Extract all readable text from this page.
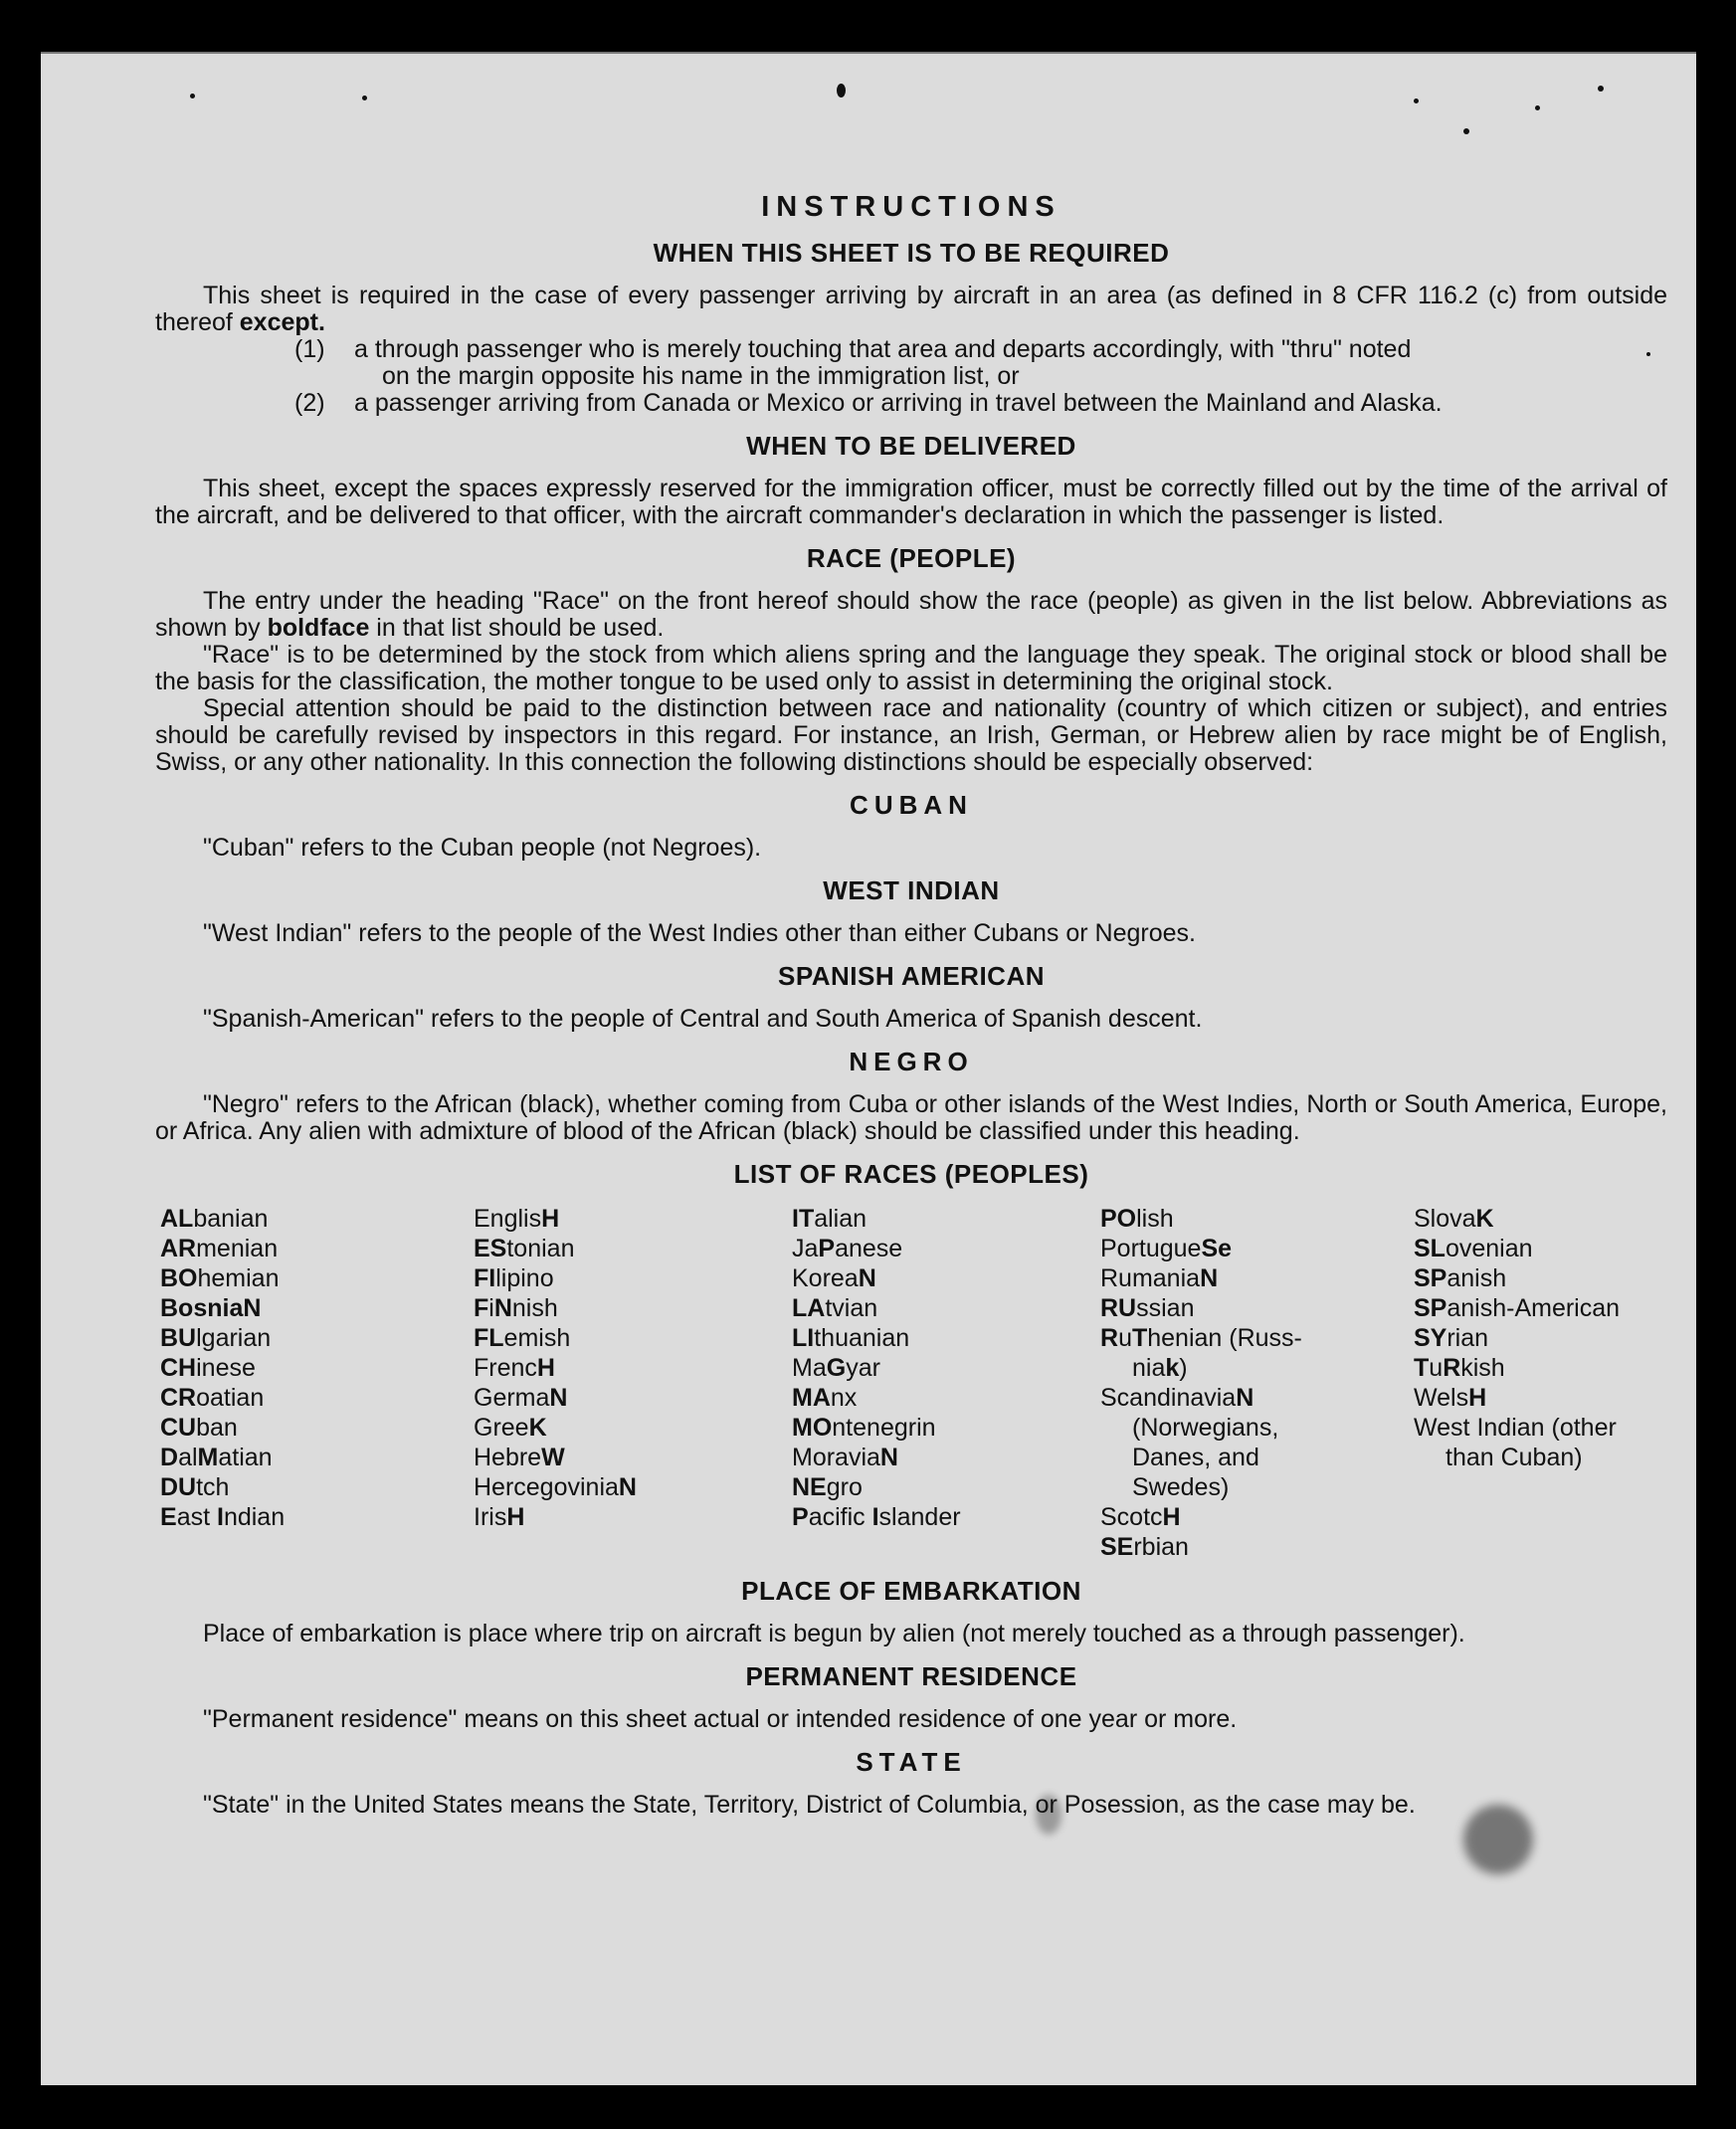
INSTRUCTIONS
WHEN THIS SHEET IS TO BE REQUIRED

This sheet is required in the case of every passenger arriving by aircraft in an area (as defined in 8 CFR 116.2 (c) from outside thereof except.

(1)	a through passenger who is merely touching that area and departs accordingly, with "thru" noted
on the margin opposite his name in the immigration list, or
(2)	a passenger arriving from Canada or Mexico or arriving in travel between the Mainland and Alaska.
WHEN TO BE DELIVERED

This sheet, except the spaces expressly reserved for the immigration officer, must be correctly filled out by the time of the arrival of the aircraft, and be delivered to that officer, with the aircraft commander's declaration in which the passenger is listed.

RACE (PEOPLE)

The entry under the heading "Race" on the front hereof should show the race (people) as given in the list below. Abbreviations as shown by boldface in that list should be used.

"Race" is to be determined by the stock from which aliens spring and the language they speak. The original stock or blood shall be the basis for the classification, the mother tongue to be used only to assist in determining the original stock.

Special attention should be paid to the distinction between race and nationality (country of which citizen or subject), and entries should be carefully revised by inspectors in this regard. For instance, an Irish, German, or Hebrew alien by race might be of English, Swiss, or any other nationality. In this connection the following distinctions should be especially observed:

CUBAN

"Cuban" refers to the Cuban people (not Negroes).

WEST INDIAN

"West Indian" refers to the people of the West Indies other than either Cubans or Negroes.

SPANISH AMERICAN

"Spanish-American" refers to the people of Central and South America of Spanish descent.

NEGRO

"Negro" refers to the African (black), whether coming from Cuba or other islands of the West Indies, North or South America, Europe, or Africa. Any alien with admixture of blood of the African (black) should be classified under this heading.

LIST OF RACES (PEOPLES)
ALbanian
ARmenian
BOhemian
BosniaN
BUlgarian
CHinese
CRoatian
CUban
DalMatian
DUtch
East Indian
EnglisH
EStonian
FIlipino
FiNnish
FLemish
FrencH
GermaN
GreeK
HebreW
HercegoviniaN
IrisH
ITalian
JaPanese
KoreaN
LAtvian
LIthuanian
MaGyar
MAnx
MOntenegrin
MoraviaN
NEgro
Pacific Islander
POlish
PortugueSe
RumaniaN
RUssian
RuThenian (Russ-
niak)
ScandinaviaN
(Norwegians,
Danes, and
Swedes)
ScotcH
SErbian
SlovaK
SLovenian
SPanish
SPanish-American
SYrian
TuRkish
WelsH
West Indian (other
than Cuban)
PLACE OF EMBARKATION

Place of embarkation is place where trip on aircraft is begun by alien (not merely touched as a through passenger).

PERMANENT RESIDENCE

"Permanent residence" means on this sheet actual or intended residence of one year or more.

STATE

"State" in the United States means the State, Territory, District of Columbia, or Posession, as the case may be.
